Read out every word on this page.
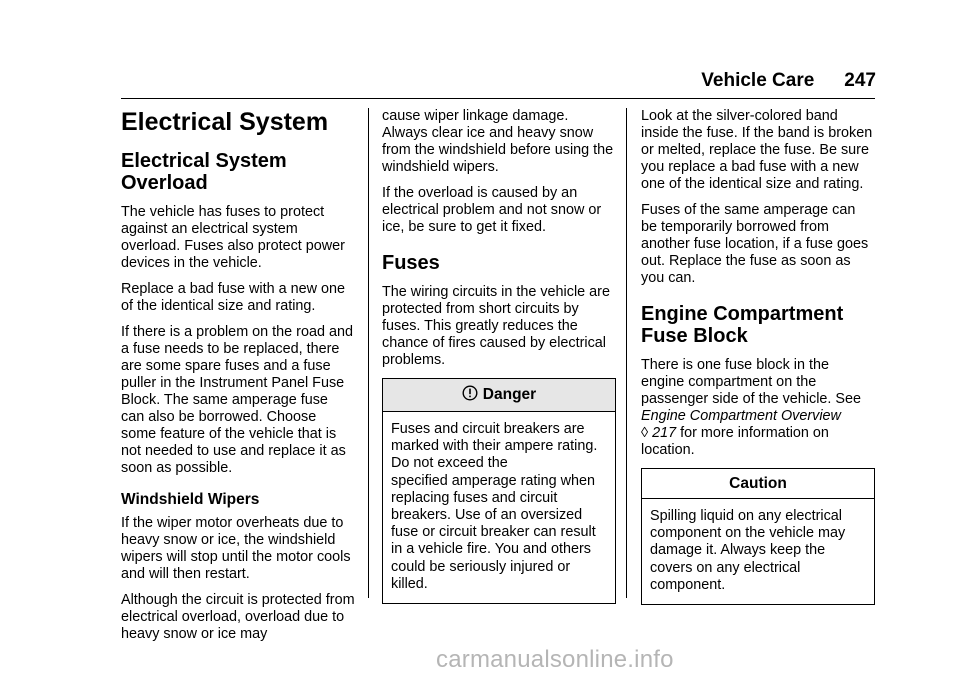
Vehicle Care 247
Electrical System
Electrical System
Overload

The vehicle has fuses to protect against an electrical system overload. Fuses also protect power devices in the vehicle.

Replace a bad fuse with a new one of the identical size and rating.

If there is a problem on the road and a fuse needs to be replaced, there are some spare fuses and a fuse puller in the Instrument Panel Fuse Block. The same amperage fuse can also be borrowed. Choose some feature of the vehicle that is not needed to use and replace it as soon as possible.

Windshield Wipers

If the wiper motor overheats due to heavy snow or ice, the windshield wipers will stop until the motor cools and will then restart.

Although the circuit is protected from electrical overload, overload due to heavy snow or ice may

cause wiper linkage damage. Always clear ice and heavy snow from the windshield before using the windshield wipers.

If the overload is caused by an electrical problem and not snow or ice, be sure to get it fixed.

Fuses

The wiring circuits in the vehicle are protected from short circuits by fuses. This greatly reduces the chance of fires caused by electrical problems.

Danger
Fuses and circuit breakers are
marked with their ampere rating.
Do not exceed the
specified amperage rating when
replacing fuses and circuit
breakers. Use of an oversized
fuse or circuit breaker can result
in a vehicle fire. You and others
could be seriously injured or
killed.

Look at the silver-colored band inside the fuse. If the band is broken or melted, replace the fuse. Be sure you replace a bad fuse with a new one of the identical size and rating.

Fuses of the same amperage can be temporarily borrowed from another fuse location, if a fuse goes out. Replace the fuse as soon as you can.

Engine Compartment
Fuse Block

There is one fuse block in the engine compartment on the passenger side of the vehicle. See Engine Compartment Overview
◊ 217 for more information on location.

Caution
Spilling liquid on any electrical
component on the vehicle may
damage it. Always keep the
covers on any electrical
component.
carmanualsonline.info
